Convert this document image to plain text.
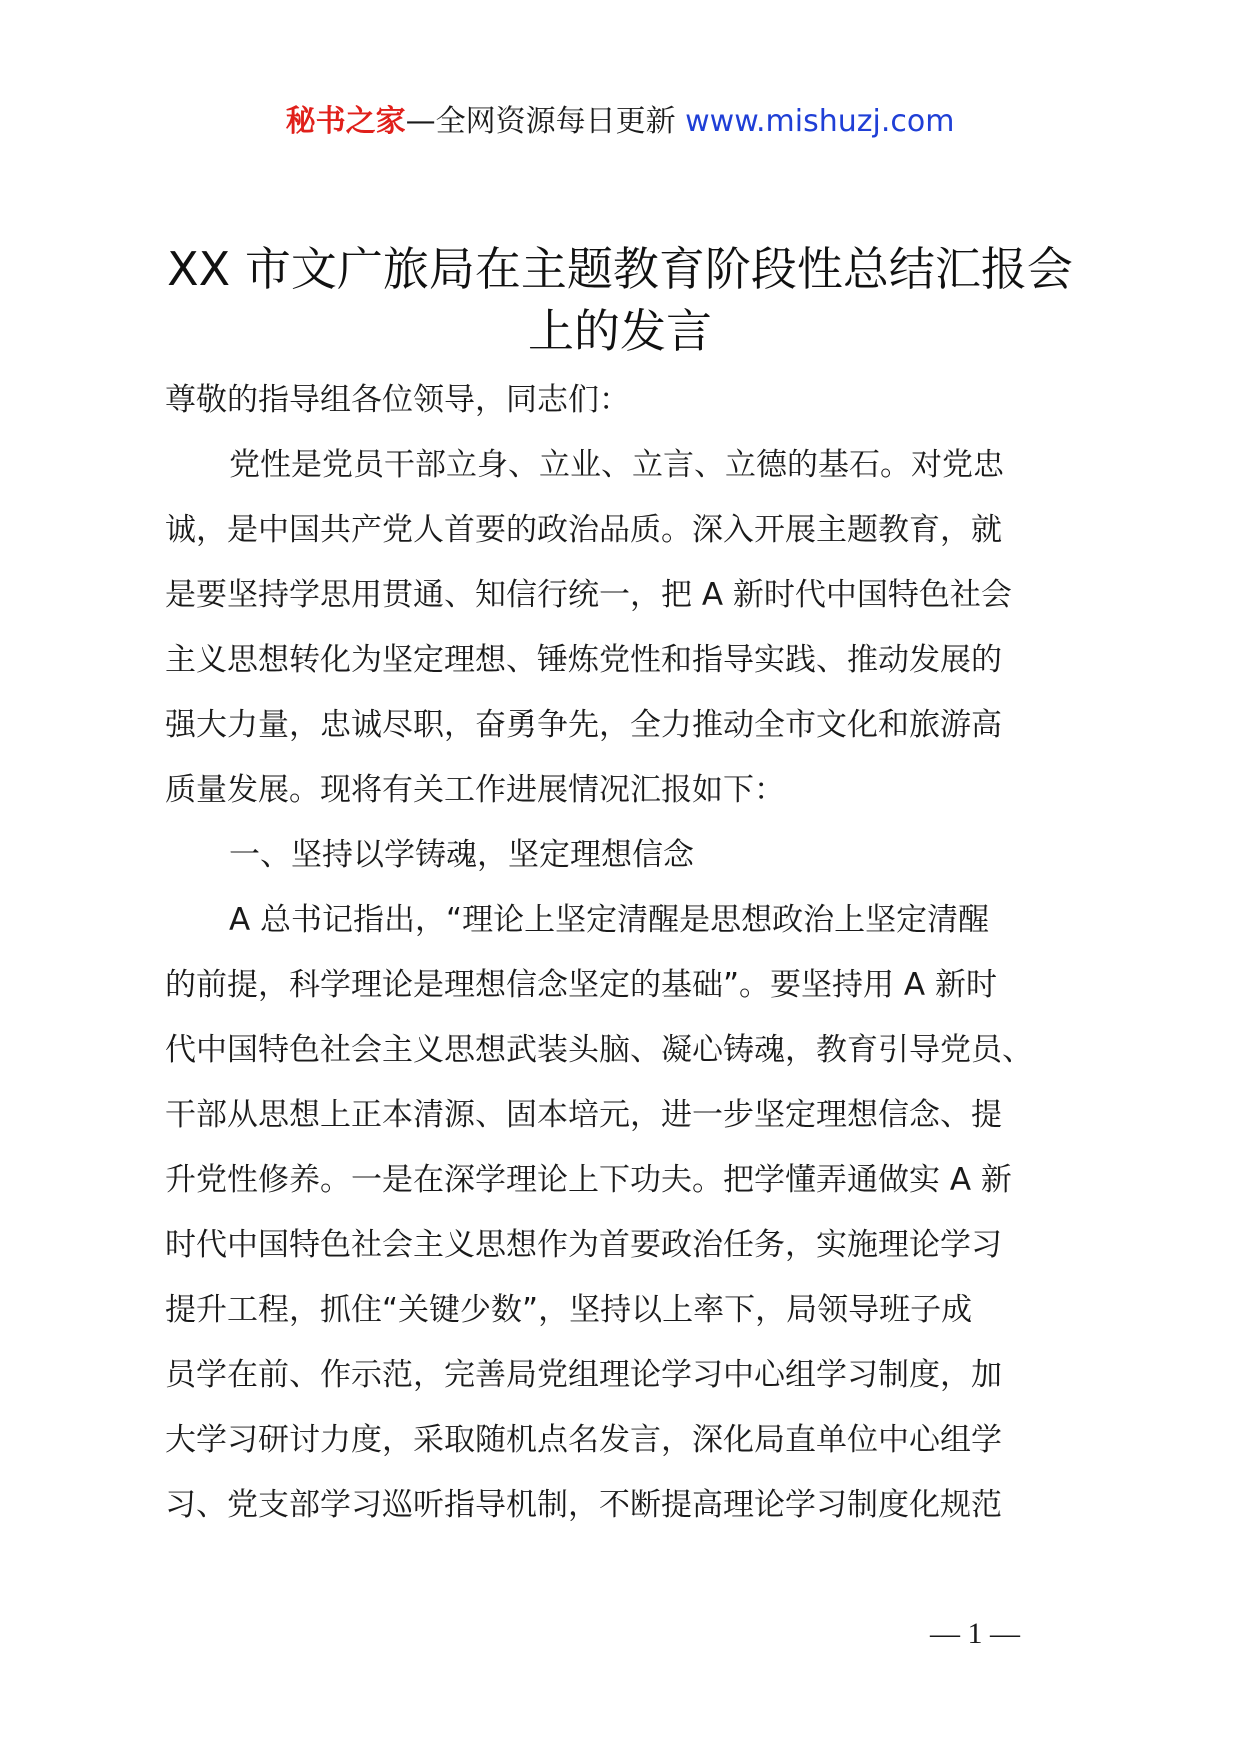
秘书之家—全网资源每日更新 www.mishuzj.com
XX 市文广旅局在主题教育阶段性总结汇报会
上的发言
尊敬的指导组各位领导，同志们：
党性是党员干部立身、立业、立言、立德的基石。对党忠
诚，是中国共产党人首要的政治品质。深入开展主题教育，就
是要坚持学思用贯通、知信行统一，把 A 新时代中国特色社会
主义思想转化为坚定理想、锤炼党性和指导实践、推动发展的
强大力量，忠诚尽职，奋勇争先，全力推动全市文化和旅游高
质量发展。现将有关工作进展情况汇报如下：
一、坚持以学铸魂，坚定理想信念
A 总书记指出，“理论上坚定清醒是思想政治上坚定清醒
的前提，科学理论是理想信念坚定的基础”。要坚持用 A 新时
代中国特色社会主义思想武装头脑、凝心铸魂，教育引导党员、
干部从思想上正本清源、固本培元，进一步坚定理想信念、提
升党性修养。一是在深学理论上下功夫。把学懂弄通做实 A 新
时代中国特色社会主义思想作为首要政治任务，实施理论学习
提升工程，抓住“关键少数”，坚持以上率下，局领导班子成
员学在前、作示范，完善局党组理论学习中心组学习制度，加
大学习研讨力度，采取随机点名发言，深化局直单位中心组学
习、党支部学习巡听指导机制，不断提高理论学习制度化规范
— 1 —
